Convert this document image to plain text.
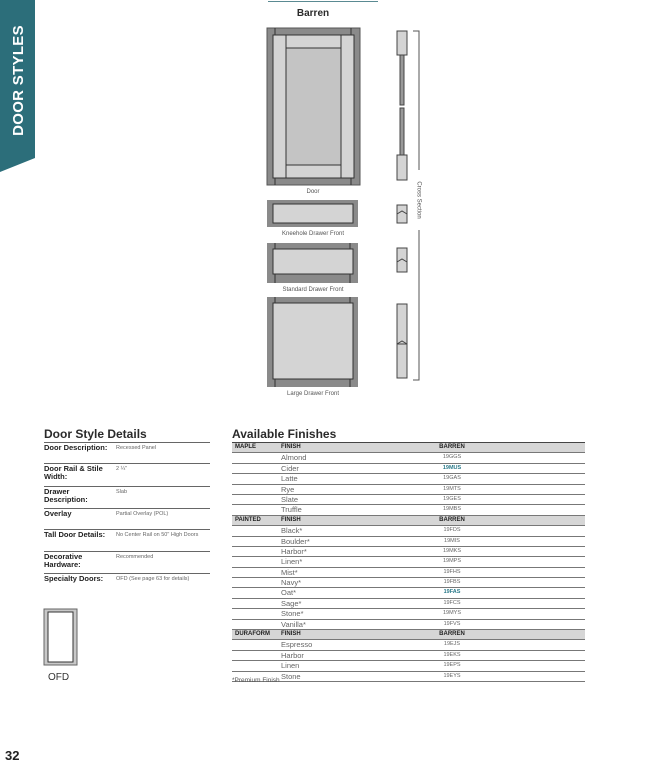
DOOR STYLES
Barren
Cross Section
Door
Kneehole Drawer Front
Standard Drawer Front
Large Drawer Front
Door Style Details
Door Description:	Recessed Panel
Door Rail & Stile Width:
2 ¼"
Drawer Description:
Slab
Overlay	Partial Overlay (POL)
Tall Door Details:	No Center Rail on 50" High Doors
Decorative Hardware:
Recommended
Specialty Doors:	OFD (See page 63 for details)
OFD
Available Finishes
MAPLE	FINISH	BARREN
Almond	19GGS
Cider	19MUS
Latte	19GAS
Rye	19MTS
Slate	19GES
Truffle	19MBS
PAINTED	FINISH	BARREN
Black*	19FDS
Boulder*	19MIS
Harbor*	19MKS
Linen*	19MPS
Mist*	19FHS
Navy*	19FBS
Oat*	19FAS
Sage*	19FCS
Stone*	19MYS
Vanilla*	19FVS
DURAFORM FINISH	BARREN
Espresso	19EJS
Harbor	19EKS
Linen	19EPS
Stone	19EYS
*Premium Finish
32
